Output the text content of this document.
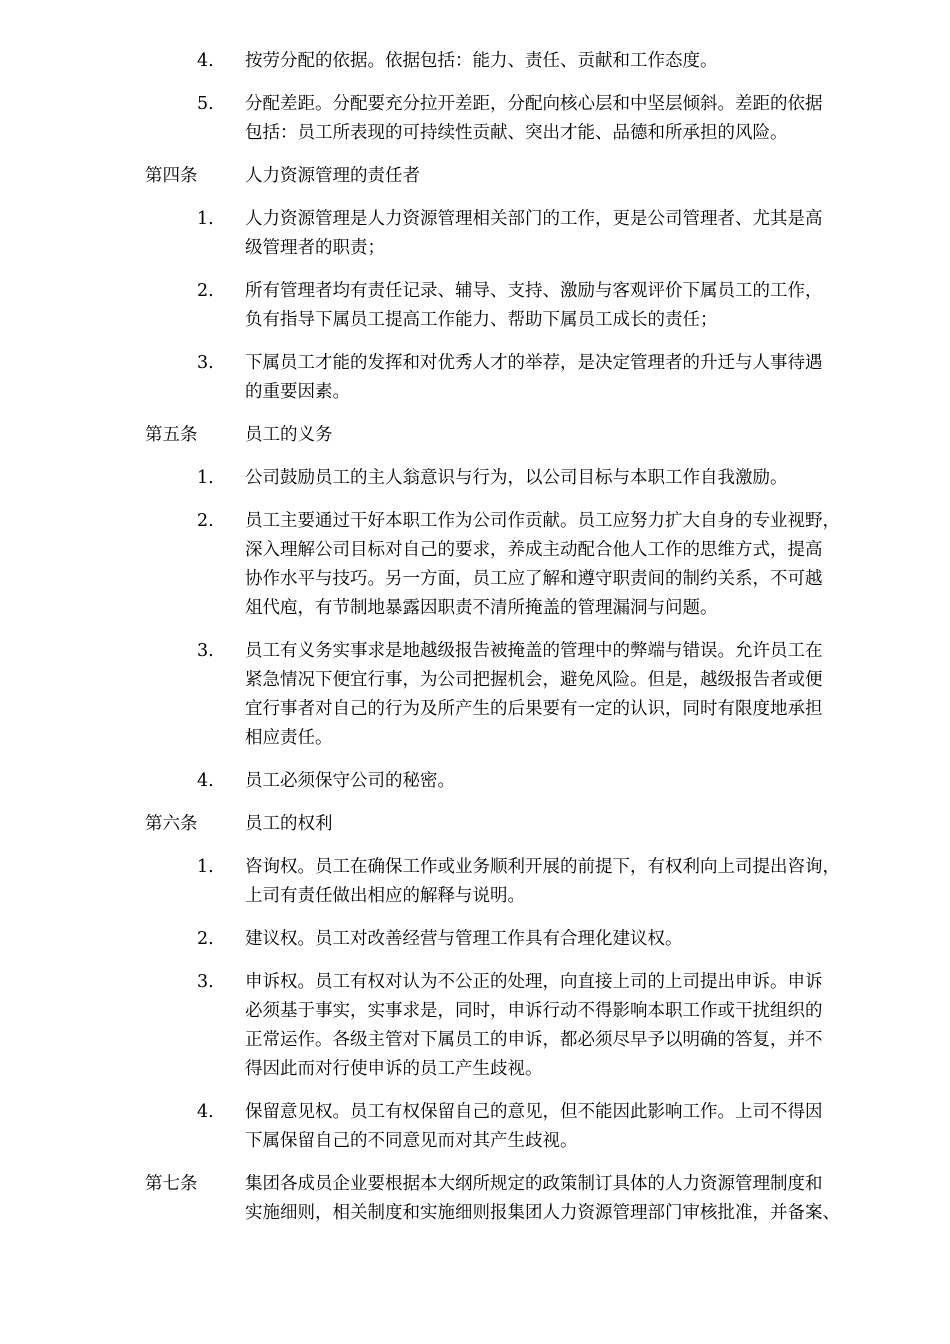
4.	按劳分配的依据。依据包括：能力、责任、贡献和工作态度。
5.	分配差距。分配要充分拉开差距，分配向核心层和中坚层倾斜。差距的依据
包括：员工所表现的可持续性贡献、突出才能、品德和所承担的风险。
第四条	人力资源管理的责任者
1.	人力资源管理是人力资源管理相关部门的工作，更是公司管理者、尤其是高
级管理者的职责；
2.	所有管理者均有责任记录、辅导、支持、激励与客观评价下属员工的工作，
负有指导下属员工提高工作能力、帮助下属员工成长的责任；
3.	下属员工才能的发挥和对优秀人才的举荐，是决定管理者的升迁与人事待遇
的重要因素。
第五条	员工的义务
1.	公司鼓励员工的主人翁意识与行为，以公司目标与本职工作自我激励。
2.	员工主要通过干好本职工作为公司作贡献。员工应努力扩大自身的专业视野，
深入理解公司目标对自己的要求，养成主动配合他人工作的思维方式，提高
协作水平与技巧。另一方面，员工应了解和遵守职责间的制约关系，不可越
俎代庖，有节制地暴露因职责不清所掩盖的管理漏洞与问题。
3.	员工有义务实事求是地越级报告被掩盖的管理中的弊端与错误。允许员工在
紧急情况下便宜行事，为公司把握机会，避免风险。但是，越级报告者或便
宜行事者对自己的行为及所产生的后果要有一定的认识，同时有限度地承担
相应责任。
4.	员工必须保守公司的秘密。
第六条	员工的权利
1.	咨询权。员工在确保工作或业务顺利开展的前提下，有权利向上司提出咨询，
上司有责任做出相应的解释与说明。
2.	建议权。员工对改善经营与管理工作具有合理化建议权。
3.	申诉权。员工有权对认为不公正的处理，向直接上司的上司提出申诉。申诉
必须基于事实，实事求是，同时，申诉行动不得影响本职工作或干扰组织的
正常运作。各级主管对下属员工的申诉，都必须尽早予以明确的答复，并不
得因此而对行使申诉的员工产生歧视。
4.	保留意见权。员工有权保留自己的意见，但不能因此影响工作。上司不得因
下属保留自己的不同意见而对其产生歧视。
第七条	集团各成员企业要根据本大纲所规定的政策制订具体的人力资源管理制度和
实施细则，相关制度和实施细则报集团人力资源管理部门审核批准，并备案、
